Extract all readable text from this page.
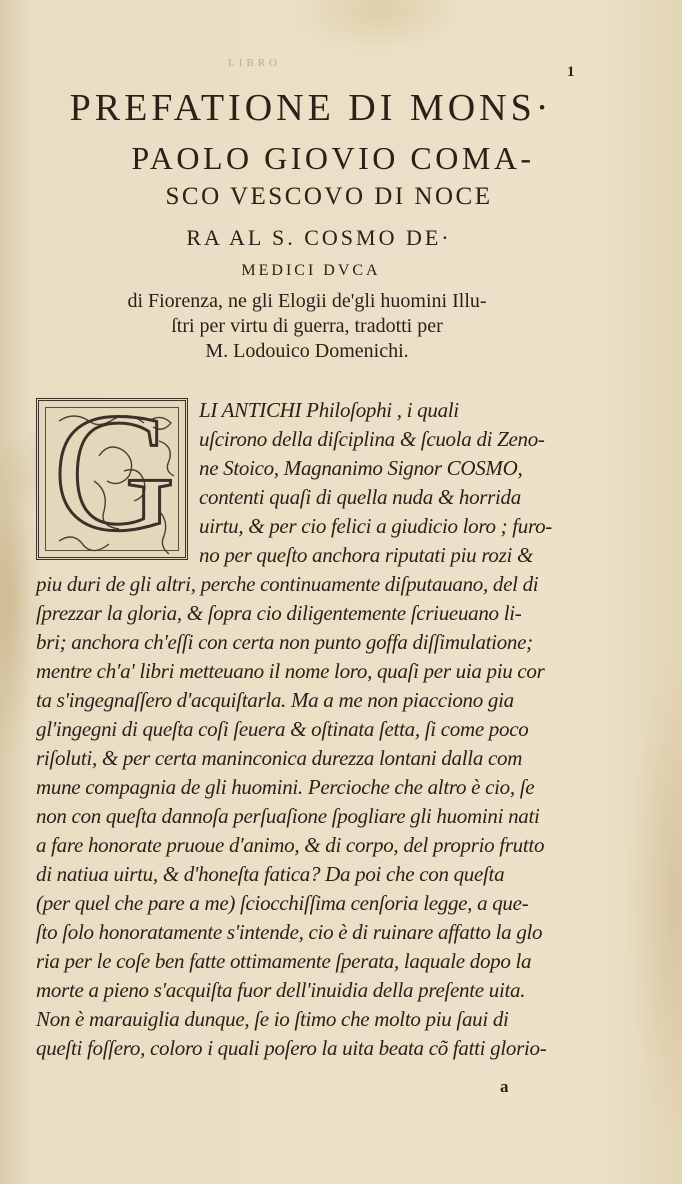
LIBRO
1
PREFATIONE DI MONS·
PAOLO GIOVIO COMA-
SCO VESCOVO DI NOCE
RA AL S. COSMO DE·
MEDICI DVCA
di Fiorenza, ne gli Elogii de'gli huomini Illu-
ſtri per virtu di guerra, tradotti per
M. Lodouico Domenichi.
G LI ANTICHI Philoſophi , i quali
uſcirono della diſciplina & ſcuola di Zeno-
ne Stoico, Magnanimo Signor COSMO,
contenti quaſi di quella nuda & horrida
uirtu, & per cio felici a giudicio loro ; furo-
no per queſto anchora riputati piu rozi &
piu duri de gli altri, perche continuamente diſputauano, del di
ſprezzar la gloria, & ſopra cio diligentemente ſcriueuano li-
bri; anchora ch'eſſi con certa non punto goffa diſſimulatione;
mentre ch'a' libri metteuano il nome loro, quaſi per uia piu cor
ta s'ingegnaſſero d'acquiſtarla. Ma a me non piacciono gia
gl'ingegni di queſta coſi ſeuera & oſtinata ſetta, ſi come poco
riſoluti, & per certa maninconica durezza lontani dalla com
mune compagnia de gli huomini. Percioche che altro è cio, ſe
non con queſta dannoſa perſuaſione ſpogliare gli huomini nati
a fare honorate pruoue d'animo, & di corpo, del proprio frutto
di natiua uirtu, & d'honeſta fatica? Da poi che con queſta
(per quel che pare a me) ſciocchiſſima cenſoria legge, a que-
ſto ſolo honoratamente s'intende, cio è di ruinare affatto la glo
ria per le coſe ben fatte ottimamente ſperata, laquale dopo la
morte a pieno s'acquiſta fuor dell'inuidia della preſente uita.
Non è marauiglia dunque, ſe io ſtimo che molto piu ſaui di
queſti foſſero, coloro i quali poſero la uita beata cõ fatti glorio-
a
